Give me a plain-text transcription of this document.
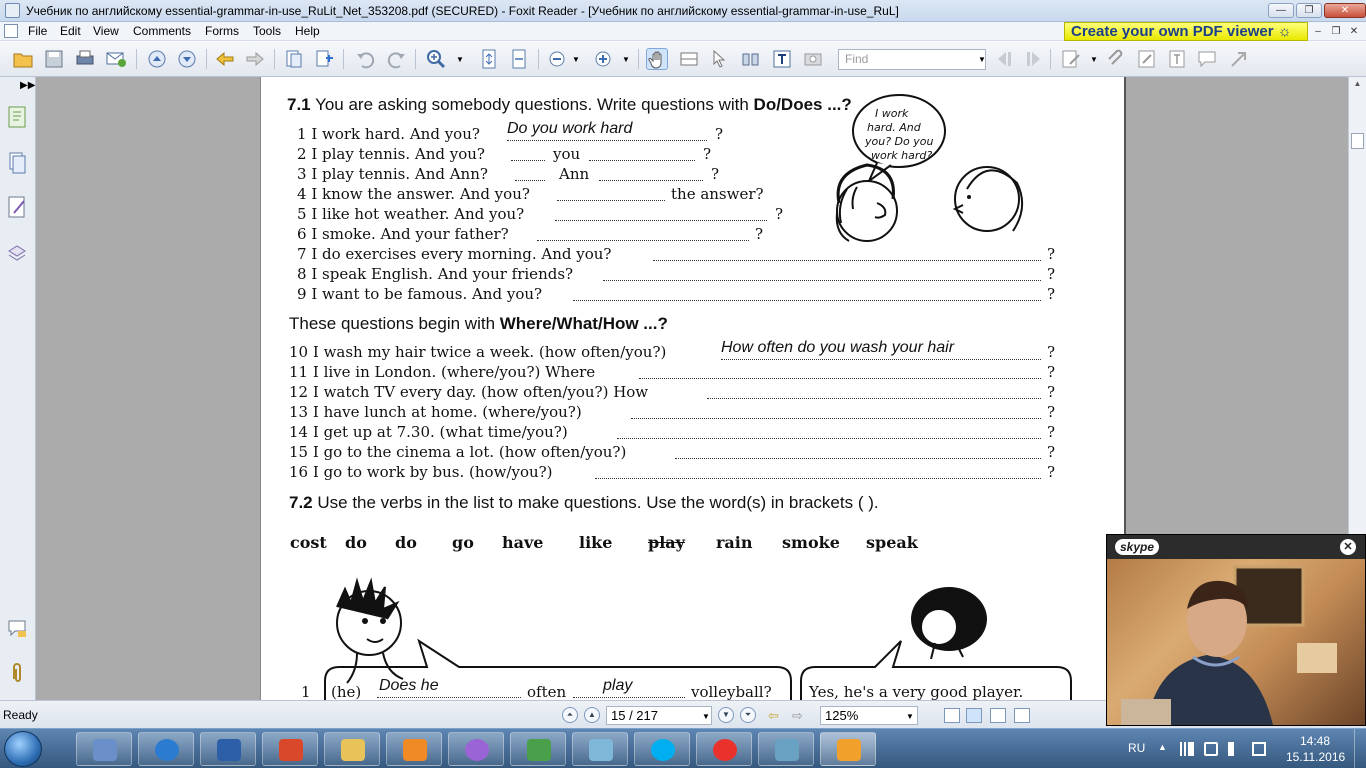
Учебник по английскому essential-grammar-in-use_RuLit_Net_353208.pdf (SECURED) - Foxit Reader - [Учебник по английскому essential-grammar-in-use_RuL]	—	❐	✕
File Edit View Comments Forms Tools Help	Create your own PDF viewer ☼	–	❐ ✕
▼	▼	▼	Find	▼	▼
▶▶
7.1 You are asking somebody questions. Write questions with Do/Does ...?
1 I work hard. And you? Do you work hard	?
2 I play tennis. And you?	you	?
3 I play tennis. And Ann?	Ann	?
4 I know the answer. And you?	the answer?
5 I like hot weather. And you?	?
6 I smoke. And your father?	?
7 I do exercises every morning. And you?	?
8 I speak English. And your friends?	?
9 I want to be famous. And you?	?
I work
hard. And
you? Do you
work hard?
These questions begin with Where/What/How ...?
10 I wash my hair twice a week. (how often/you?)	How often do you wash your hair	?
11 I live in London. (where/you?) Where	?
12 I watch TV every day. (how often/you?) How	?
13 I have lunch at home. (where/you?)	?
14 I get up at 7.30. (what time/you?)	?
15 I go to the cinema a lot. (how often/you?)	?
16 I go to work by bus. (how/you?)	?
7.2 Use the verbs in the list to make questions. Use the word(s) in brackets ( ).
cost do do go have like play rain smoke speak
1 (he) Does he	often play	volleyball? Yes, he's a very good player.
▲
Ready	⏶	▲	15 / 217	▼	▼	⏷	⇦ ⇨	125%	▼
skype	✕
RU ▲	14:48
15.11.2016
